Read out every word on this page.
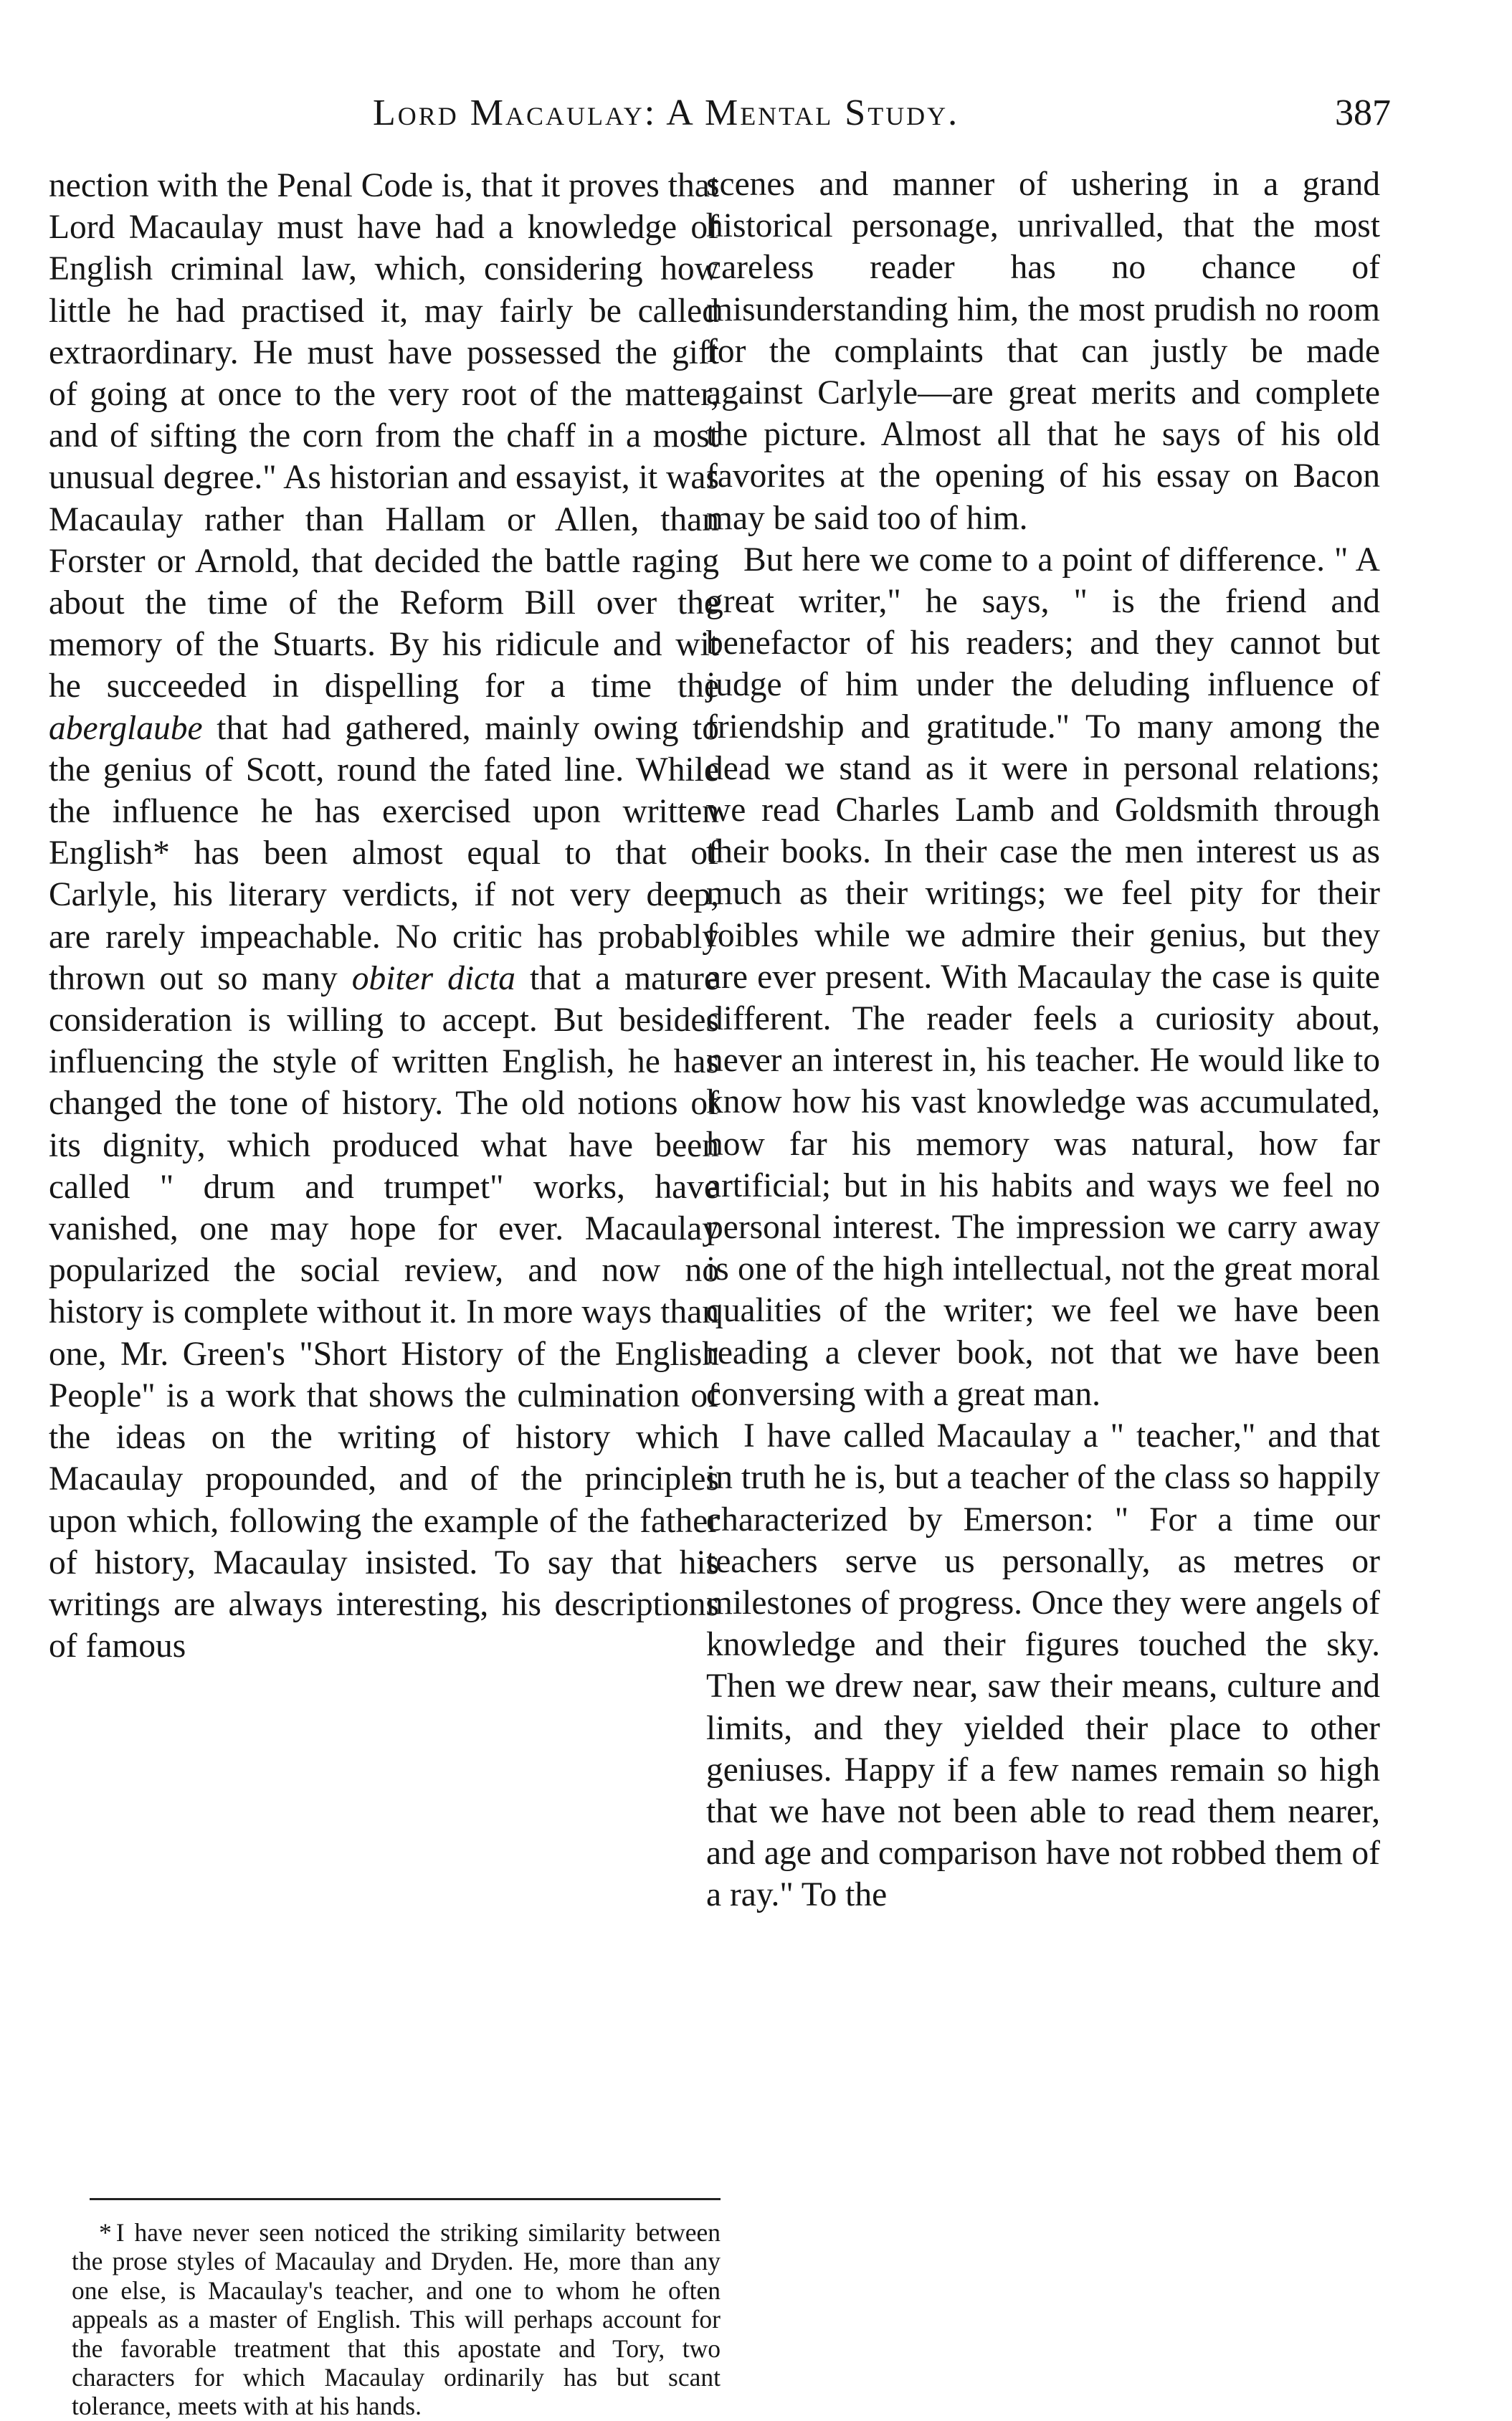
Lord Macaulay: A Mental Study.	387

nection with the Penal Code is, that it proves that Lord Macaulay must have had a knowledge of English criminal law, which, considering how little he had practised it, may fairly be called extraordinary. He must have possessed the gift of going at once to the very root of the matter, and of sifting the corn from the chaff in a most unusual degree." As historian and essayist, it was Macaulay rather than Hallam or Allen, than Forster or Arnold, that decided the battle raging about the time of the Reform Bill over the memory of the Stuarts. By his ridicule and wit he succeeded in dispelling for a time the aberglaube that had gathered, mainly owing to the genius of Scott, round the fated line. While the influence he has exercised upon written English* has been almost equal to that of Carlyle, his literary verdicts, if not very deep, are rarely impeachable. No critic has probably thrown out so many obiter dicta that a mature consideration is willing to accept. But besides influencing the style of written English, he has changed the tone of history. The old notions of its dignity, which produced what have been called " drum and trumpet" works, have vanished, one may hope for ever. Macaulay popularized the social review, and now no history is complete without it. In more ways than one, Mr. Green's "Short History of the English People" is a work that shows the culmination of the ideas on the writing of history which Macaulay propounded, and of the principles upon which, following the example of the father of history, Macaulay insisted. To say that his writings are always interesting, his descriptions of famous

* I have never seen noticed the striking similarity between the prose styles of Macaulay and Dryden. He, more than any one else, is Macaulay's teacher, and one to whom he often appeals as a master of English. This will perhaps account for the favorable treatment that this apostate and Tory, two characters for which Macaulay ordinarily has but scant tolerance, meets with at his hands.

scenes and manner of ushering in a grand historical personage, unrivalled, that the most careless reader has no chance of misunderstanding him, the most prudish no room for the complaints that can justly be made against Carlyle—are great merits and complete the picture. Almost all that he says of his old favorites at the opening of his essay on Bacon may be said too of him.

But here we come to a point of difference. " A great writer," he says, " is the friend and benefactor of his readers; and they cannot but judge of him under the deluding influence of friendship and gratitude." To many among the dead we stand as it were in personal relations; we read Charles Lamb and Goldsmith through their books. In their case the men interest us as much as their writings; we feel pity for their foibles while we admire their genius, but they are ever present. With Macaulay the case is quite different. The reader feels a curiosity about, never an interest in, his teacher. He would like to know how his vast knowledge was accumulated, how far his memory was natural, how far artificial; but in his habits and ways we feel no personal interest. The impression we carry away is one of the high intellectual, not the great moral qualities of the writer; we feel we have been reading a clever book, not that we have been conversing with a great man.

I have called Macaulay a " teacher," and that in truth he is, but a teacher of the class so happily characterized by Emerson: " For a time our teachers serve us personally, as metres or milestones of progress. Once they were angels of knowledge and their figures touched the sky. Then we drew near, saw their means, culture and limits, and they yielded their place to other geniuses. Happy if a few names remain so high that we have not been able to read them nearer, and age and comparison have not robbed them of a ray." To the
